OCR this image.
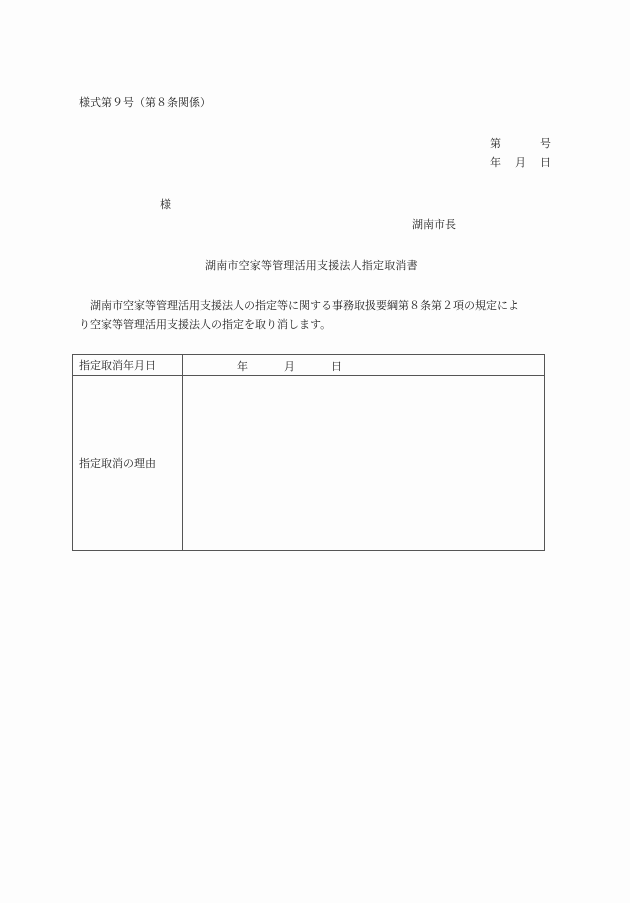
様式第９号（第８条関係）
第	号
年 月 日
様
湖南市長
湖南市空家等管理活用支援法人指定取消書

湖南市空家等管理活用支援法人の指定等に関する事務取扱要綱第８条第２項の規定によ

り空家等管理活用支援法人の指定を取り消します。

指定取消年月日	年 月 日

指定取消の理由	
